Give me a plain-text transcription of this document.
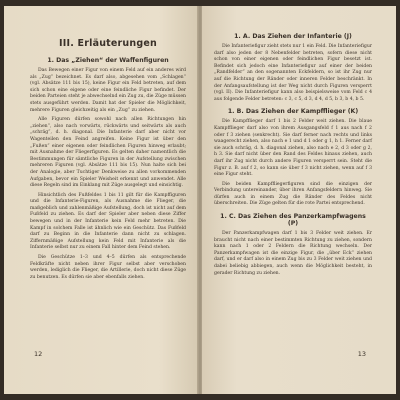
III. Erläuterungen
1. Das „Ziehen“ der Waffenfiguren

Das Bewegen einer Figur von einem Feld auf ein anderes wird als „Zug“ bezeichnet. Es darf also, abgesehen vom „Schlagen“ (vgl. Absätze 111 bis 15), keine Figur ein Feld betreten, auf dem sich schon eine eigene oder eine feindliche Figur befindet. Der beiden Parteien steht je abwechselnd ein Zug zu, die Züge müssen stets ausgeführt werden. Damit hat der Spieler die Möglichkeit, mehrere Figuren gleichzeitig als ein „Zug“ zu ziehen.

Alle Figuren dürfen sowohl nach allen Richtungen hin „ziehen“, also nach vorwärts, rückwärts und seitwärts als auch „schräg“, d. h. diagonal. Die Infanterie darf aber nicht vor Wagenteilen den Feind angreifen. Keine Figur ist über den „Fußen“ einer eigenen oder feindlichen Figuren hinweg erlaubt; mit Ausnahme der Fliegerfiguren. Es gelten daher namentlich die Bestimmungen für sämtliche Figuren in der Aufstellung zwischen mehreren Figuren (vgl. Absätze 111 bis 15). Nun halte sich bei der Analogie, aber Tuchtiger Denkweise zu allen vorkommenden Aufgaben, bevor ein Spieler Weisheit erkennt und anwendet. Alle diese Regeln sind im Einklang mit Züge ausgelegt und einsichtig.

Hinsichtlich des Fußfeldes 1 bis 11 gilt für die Kampffiguren und die Infanterie-Figuren, als Ausnahme die Flieger, die maßgeblich und zahlenmäßige Aufstellung, doch ist nicht auf dem Fußfeld zu ziehen. Es darf der Spieler aber neben diese Ziffer bewegen und in der Infanterie kein Feld mehr betreten. Die Kampf in solchem Falle ist ähnlich wie ein Geschütz. Das Fußfeld darf zu Beginn in die Infanterie dann nicht zu schlagen. Ziffernmäßige Aufstellung kein Feld mit Infanterie als die Infanterie selbst nur zu einem Fall hinter dem Feind stehen.

Die Geschütze 1–3 und 4–5 dürfen als entsprechende Feldkräfte nicht neben ihrer Figur selbst aber verschoben werden, lediglich die Flieger, die Artillerie, doch nicht diese Züge zu benutzen. Es dürfen sie aber ebenfalls ziehen.

12
1. A. Das Ziehen der Infanterie (J)

Die Infanteriefigur zieht stets nur 1 ein Feld. Die Infanteriefigur darf also jeden der 8 Nebenfelder betreten, sofern diese nicht schon von einer eigenen oder feindlichen Figur besetzt ist. Befindet sich jedoch eine Infanteriefigur auf einer der beiden „Randfelder“ an den sogenannten Eckfeldern, so ist ihr Zug nur auf die Richtung der Ränder oder inneren Felder beschränkt. In der Anfangsaufstellung ist der Weg nicht durch Figuren versperrt (vgl. II). Die Infanteriefigur kann also beispielsweise vom Feld c 4 aus folgende Felder betreten: c 3, c 5, d 3, d 4, d 5, b 3, b 4, b 5.

1. B. Das Ziehen der Kampfflieger (K)

Die Kampfflieger darf 1 bis 2 Felder weit ziehen. Die blaue Kampfflieger darf also von ihrem Ausgangsfeld f 1 aus nach f 2 oder f 3 ziehen (senkrecht). Sie darf ferner nach rechts und links waagerecht ziehen, also nach e 1 und d 1 oder g 1, h 1. Ferner darf sie auch schräg, d. h. diagonal ziehen, also nach e 2, d 3 oder g 2, h 3. Sie darf nicht über den Rand des Feldes hinaus ziehen, auch darf ihr Zug nicht durch andere Figuren versperrt sein. Steht die Figur z. B. auf f 2, so kann sie über f 3 nicht ziehen, wenn auf f 3 eine Figur steht.

Die beiden Kampffliegerfiguren sind die einzigen der Verbindung untereinander, über ihren Anfangsfeldern hinweg. Sie dürfen auch in einem Zug die Ränder des Feldes nicht überschreiten. Die Züge gelten für die rote Partei entsprechend.

1. C. Das Ziehen des Panzerkampfwagens (P)

Der Panzerkampfwagen darf 1 bis 3 Felder weit ziehen. Er braucht nicht nach einer bestimmten Richtung zu ziehen, sondern kann nach 1 oder 2 Feldern die Richtung wechseln. Der Panzerkampfwagen ist die einzige Figur, die „über Eck“ ziehen darf, und er darf also in einem Zug bis zu 3 Felder weit ziehen und dabei beliebig abbiegen, auch wenn die Möglichkeit besteht, in gerader Richtung zu ziehen.

13
